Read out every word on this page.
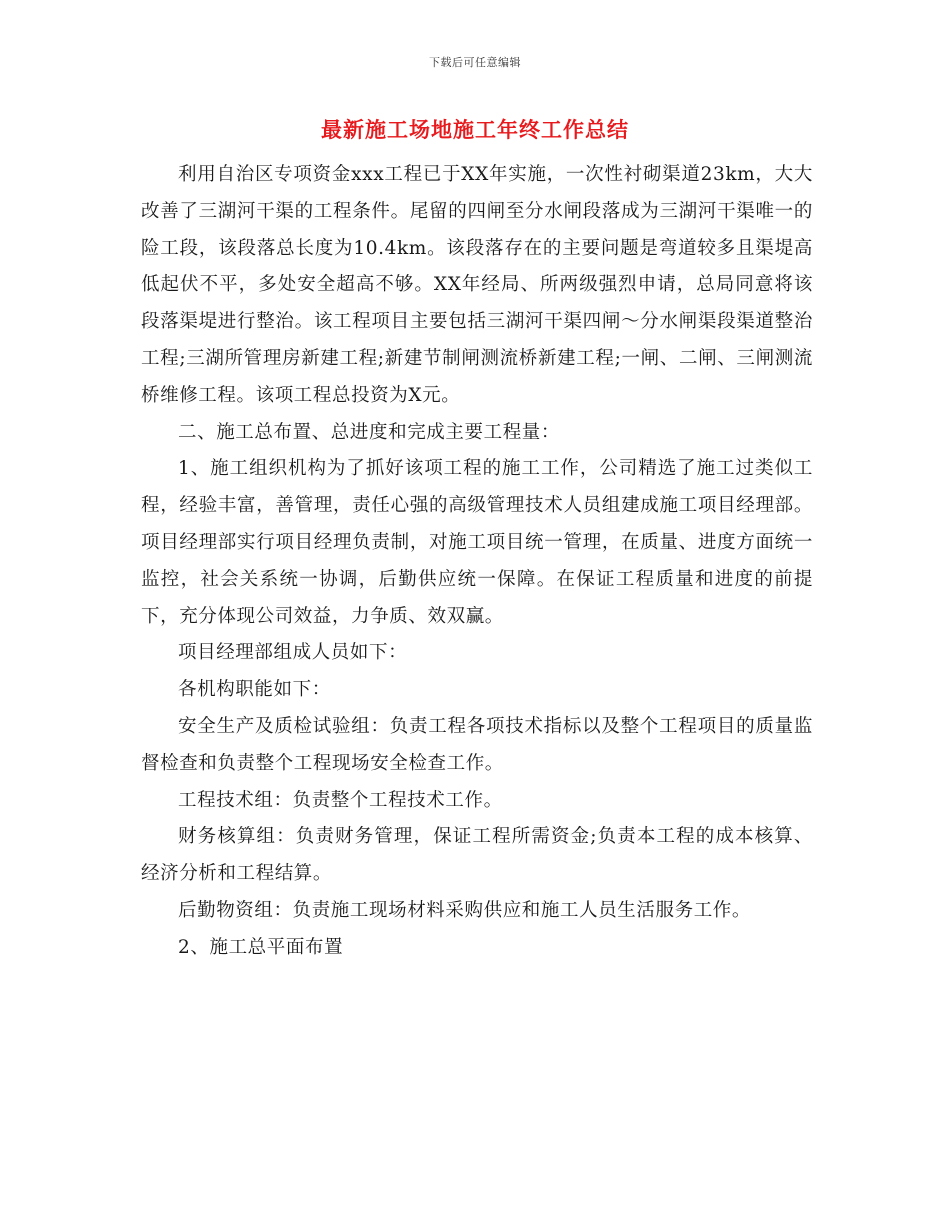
下载后可任意编辑
最新施工场地施工年终工作总结

利用自治区专项资金xxx工程已于XX年实施，一次性衬砌渠道23km，大大改善了三湖河干渠的工程条件。尾留的四闸至分水闸段落成为三湖河干渠唯一的险工段，该段落总长度为10.4km。该段落存在的主要问题是弯道较多且渠堤高低起伏不平，多处安全超高不够。XX年经局、所两级强烈申请，总局同意将该段落渠堤进行整治。该工程项目主要包括三湖河干渠四闸～分水闸渠段渠道整治工程;三湖所管理房新建工程;新建节制闸测流桥新建工程;一闸、二闸、三闸测流桥维修工程。该项工程总投资为X元。

二、施工总布置、总进度和完成主要工程量：

1、施工组织机构为了抓好该项工程的施工工作，公司精选了施工过类似工程，经验丰富，善管理，责任心强的高级管理技术人员组建成施工项目经理部。项目经理部实行项目经理负责制，对施工项目统一管理，在质量、进度方面统一监控，社会关系统一协调，后勤供应统一保障。在保证工程质量和进度的前提下，充分体现公司效益，力争质、效双赢。

项目经理部组成人员如下：

各机构职能如下：

安全生产及质检试验组：负责工程各项技术指标以及整个工程项目的质量监督检查和负责整个工程现场安全检查工作。

工程技术组：负责整个工程技术工作。

财务核算组：负责财务管理，保证工程所需资金;负责本工程的成本核算、经济分析和工程结算。

后勤物资组：负责施工现场材料采购供应和施工人员生活服务工作。

2、施工总平面布置
